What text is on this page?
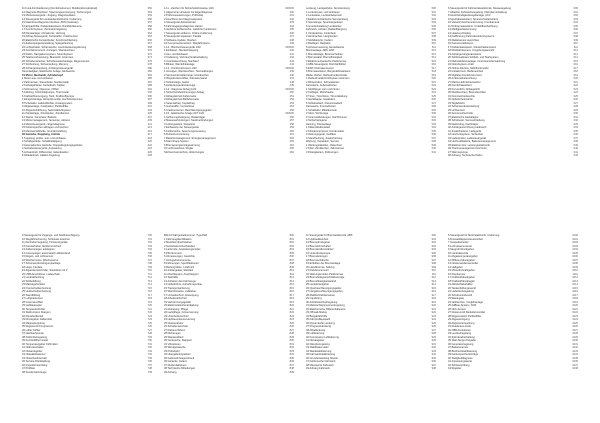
11 Funk-Fernbedienung (Kombiinstrument, Multifunktionslenkrad)	352
12 Diagnose Bordnetz, Spannungsversorgung, Sicherungen	353
13 Motorsteuergerät - Zugang, Diagnosedaten	354
14 Steuergerät für Lenksäulenelektronik, Codierung	356
15 Datenbus-Diagnose-Interface J533 (Gateway)	357
16 Einparkhilfe, Parklenkassistent, Rückfahrkamera	358
17 Komfortsystem, Zentralverriegelung	360
18 Klimaanlage, Climatronic, Heizung	362
19 Airbag-Steuergerät, Gurtstraffer, Crashsensor	364
20 Elektrische Fensterheber, Komfortschließung	366
21 Außenspiegelverstellung, Spiegelheizung	367
22 Lichtschalter, Scheinwerfer, Leuchtweitenregulierung	368
23 Kombiinstrument, Anzeigen, Warnleuchten	370
24 Radio, Navigationssystem, Soundsystem	372
25 Telefonvorbereitung, Bluetooth, Antennen	374
26 Scheibenwischer, Scheibenwaschanlage, Regensensor	376
27 Sitzheizung, Sitzverstellung, Memory	378
28 Anhängerkupplung, Anhängersteuergerät	380
Stromlaufplan, Elektrische Anlage, Einbauorte	382
01 Motor, Mechanik, Zylinderkopf	384
1 Motor aus- und einbauen	385
2 Zahnriemen, Steuerkette, Nockenwelle	387
3 Kurbelgehäuse, Kurbeltrieb, Kolben	389
4 Schmierung, Ölpumpe, Ölfilter	391
5 Kühlung, Kühlmittelpumpe, Thermostat	393
6 Kraftstoffversorgung, Tank, Kraftstoffpumpe	395
7 Einspritzanlage, Einspritzventile, Hochdruckpumpe	397
8 Turbolader, Ladeluftkühler, Ansaugsystem	399
9 Abgasanlage, Katalysator, Partikelfilter	401
10 Abgasrückführung, Sekundärluftsystem	403
11 Zündanlage, Zündspulen, Zündkerzen	405
12 Starter, Generator, Batterie	407
13 Motormanagement, Sensoren, Aktoren	409
14 Motorsteuergerät - Eigendiagnose	411
15 Fehlerspeicher abfragen und löschen	413
16 Messwerteblöcke, Grundeinstellung	415
02 Getriebe, Kupplung, Antrieb	417
1 Kupplung prüfen, aus- und einbauen	418
2 Schaltgetriebe, Schaltbetätigung	420
3 Automatisches Getriebe, Doppelkupplungsgetriebe	422
4 Getriebesteuergerät, Anpassung	424
5 Achsantrieb, Differential, Gelenkwellen	426
6 Allradantrieb, Haldex-Kupplung	428
1.11 - Zeichen für Sicherheitshinweise 1/20	000000
1 Allgemeine Hinweise zur Eigendiagnose	430
2 Prüfvoraussetzungen, Prüfmittel	431
3 Anschluss des Diagnosetesters	432
4 Steuergerät-Adresswörter	433
5 Fahrzeugeigendiagnose starten	434
6 Geführte Fehlersuche, Geführte Funktionen	435
7 Steuergerät codieren, Online-Codierung	436
8 Steuergerät anpassen, Kanäle	437
9 Software-Update, Flashen	438
10 Komponentenschutz, Wegfahrsperre	439
1.12 - Bordnetzsteuergerät 1/20	000000
1 Einbauort, Steckerbelegung	440
2 Aus- und Einbauen	441
3 Codierung, Verbraucherabschaltung	442
4 Innenbeleuchtung, Nachlauf	443
5 Blinker, Warnblinkanlage	444
1.13 - Kombiinstrument 1/20	000000
1 Anzeigen, Warnleuchten, Textmeldungen	445
2 Serviceintervallanzeige zurücksetzen	446
3 Wegstreckenzähler, Kilometerstand	447
4 Tankanzeige, Geber	448
5 Außentemperaturanzeige	449
1.14 - Diagnose Airbag 1/20	000000
1 Sicherheitsbestimmungen Airbag	450
2 Airbag-Einheit Fahrerseite	451
3 Airbag-Einheit Beifahrerseite	452
4 Seitenairbag, Kopfairbag	453
5 Gurtstraffer, Gurtschloss	454
6 Crashsensoren, Beschleunigungsgeber	455
1.15 - Elektrische Anlage AKT 1/20	000000
1 Sicherungsbelegung, Relaisträger	456
2 Masseverbindungen, Steckverbindungen	457
3 Leitungssätze, Reparatur	458
4 Einbauorte der Steuergeräte	459
5 Fehlersuche, Spannungsmessung	460
6 Ruhestrommessung	461
7 Batteriemanagement, Energiemanagement	462
8 Start-Stopp-System	463
9 Bremsenergierückgewinnung	464
10 Lichtmaschine, Regler	465
Stichwortverzeichnis, Abkürzungen	466
Lenkung, Lenkgetriebe, Servolenkung	500
1 Lenkrad aus- und einbauen	501
2 Lenksäule, Lenkwinkelsensor	502
3 Elektromechanische Servolenkung	503
4 Spurstange, Spurstangenkopf	504
5 Grundeinstellung Lenkwinkel	505
Fahrwerk, Achsen, Radaufhängung	506
1 Vorderachse, Federbein	507
2 Hinterachse, Längslenker	508
3 Stoßdämpfer, Federn	509
4 Radlager, Radnabe	510
5 Achsvermessung, Einstellwerte	511
Bremsanlage, ABS, ESP	512
1 Bremsbeläge, Bremsscheiben	513
2 Bremssattel, Bremsflüssigkeit	514
3 Elektromechanische Parkbremse	515
4 ABS-Steuergerät, Drehzahlfühler	516
5 ESP, Drehratensensor	517
6 Bremsassistent, Berganfahrassistent	518
Räder, Reifen, Reifendruckkontrolle	519
1 Reifendruckkontrollsystem anlernen	520
2 Winterreifen, Schneeketten	521
Karosserie, Außenarbeiten	522
1 Stoßfänger vorn und hinten	523
2 Kotflügel, Motorhaube	524
3 Türen, Türschloss, Türverkleidung	525
4 Heckklappe, Gasfedern	526
5 Schiebedach, Panoramadach	527
Karosserie, Innenarbeiten	528
1 Schalttafel, Mittelkonsole	529
2 Sitze, Sitzbezüge	530
3 Innenverkleidungen, Dachhimmel	531
4 Sicherheitsgurte	532
Heizung, Klimaanlage	533
1 Kältemittelkreislauf	534
2 Klimakompressor, Kondensator	535
3 Heizungsgerät, Gebläse	536
4 Standheizung, Zusatzheizung	537
Wartung, Inspektion, Service	538
1 Wartungstabellen, Ölwechsel	539
2 Filter, Zündkerzen, Zahnriemen	540
3 Flüssigkeiten, Füllmengen	541
6 Steuergerät für Fahrwerkselektronik, Niveauregelung	600
7 Adaptive Fahrwerksregelung, Dämpferverstellung	601
8 Geschwindigkeitsregelanlage, ACC	602
9 Spurhalteassistent, Spurwechselassistent	603
10 Verkehrszeichenerkennung, Frontkamera	604
11 Notbremsassistent, Umfeldbeobachtung	605
12 Müdigkeitserkennung	606
13 Head-up-Display	607
14 Kalibrierung Fahrerassistenzsysteme	608
15 Radarsensor ausrichten	609
16 Kamera kalibrieren	610
17 Parklenkassistent, Ultraschallsensoren	611
18 Rückfahrkamera, Umgebungsansicht	612
19 Anhängerrangierassistent	613
20 Schlüsselloses Schließ- und Startsystem	614
21 Diebstahlwarnanlage, Innenraumüberwachung	615
22 Notrufsystem eCall	616
23 Online-Dienste, Mobilfunkmodul	617
24 Infotainment, Bedieneinheit	618
25 Digitales Kombiinstrument	619
26 Ambientebeleuchtung	620
27 Matrix-LED-Scheinwerfer	621
28 Fernlichtassistent	622
29 Kurvenlicht, Abbiegelicht	623
30 Rückleuchten, Bremsleuchten	624
31 Kennzeichenleuchte	625
32 Nebelscheinwerfer	626
33 Tagfahrlicht	627
34 Scheinwerfereinstellung	628
35 Lichtsensor	629
36 Sonnenschutzrollo	630
37 Elektrische Heckklappe	631
38 Schiebetür, Servoschließung	632
39 Dachreling, Dachträger	633
40 Anhängevorrichtung elektrisch	634
41 Zusatzbatterie, Ladegerät	635
42 Hochvoltsystem, Sicherheit	636
43 Ladestecker, Ladesteuergerät	637
44 Hochvoltbatterie, Batteriemanagement	638
45 Elektromotor, Leistungselektronik	639
46 Thermomanagement Hochvolt	640
47 Wärmepumpe	641
48 Anhang, Technische Daten	642
9 Steuergerät für Zugangs- und Startberechtigung	700
10 Wegfahrsicherung, Schlüssel anlernen	701
11 Zentralverriegelung, Türsteuergeräte	702
12 Fensterheber, Einklemmschutz	703
13 Außenspiegel, anklappen	704
14 Innenspiegel, automatisch abblendend	705
15 Regen- und Lichtsensor	706
16 Wischermotor, Wischerarme	707
17 Scheinwerferreinigungsanlage	708
18 Hupe, Fanfare	709
19 Zigarettenanzünder, Steckdose 12 V	710
20 USB-Anschlüsse, Ladeschale	711
21 Lenkradheizung	712
22 Sitzbelüftung	713
23 Massagefunktion	714
24 Frontscheibenheizung	715
25 Heckscheibenheizung	716
26 Standlüftung	717
27 Luftgütesensor	718
28 Innenraumfilter	719
29 Gebläseregler	720
30 Temperaturfühler	721
31 Stellmotoren Klappen	722
32 Klimabedienteil	723
33 Druckgeber Kältemittel	724
34 Magnetkupplung	725
35 Regelventil Kompressor	726
36 Lüfter Kühler	727
37 Nachlaufpumpe	728
38 Kühlmittelregelung	729
39 Kennfeldthermostat	730
40 Temperaturgeber Kühlmittel	731
41 Öldruckschalter	732
42 Ölstandsgeber	733
43 Ölqualitätssensor	734
44 Ölwechselintervall	735
45 Service-Rückstellung	736
46 Inspektionsumfang	737
47 Prüfliste	738
48 Sonderwerkzeuge	739
Bild 12 Fahrgestellnummer, Typschild	800
1 Fahrzeugidentifikation	801
2 Motorkennbuchstaben	802
3 Getriebekennbuchstaben	803
4 Lackcode, Ausstattungscodes	804
5 PR-Nummern	805
6 Abmessungen, Gewichte	806
7 Anzugsdrehmomente	807
8 Füllmengen, Spezifikationen	808
9 Reifengrößen, Luftdruck	809
10 Anhängelast, Stützlast	810
11 Abschleppen, Anschleppen	811
12 Starthilfe	812
13 Anheben des Fahrzeugs	813
14 Hebebühne, Aufnahmepunkte	814
15 Transportsicherung	815
16 Warnhinweise, Aufkleber	816
17 Umweltschutz, Entsorgung	817
18 Arbeitssicherheit	818
19 Verbrennungsgefahr	819
20 Elektrostatische Entladung	820
21 Reinigung, Pflege	821
22 Lackpflege, Konservierung	822
23 Unterbodenschutz	823
24 Hohlraumkonservierung	824
25 Glasreparatur	825
26 Scheibenwechsel	826
27 Klebeverfahren	827
28 Dichtungen	828
29 Wasserablauf	829
30 Geräusche, Klappern	830
31 Vibrationen	831
32 Windgeräusche	832
33 Probefahrt	833
34 Übergabeinspektion	834
35 Gebrauchtwagencheck	835
36 Garantie, Kulanz	836
37 Rückrufaktionen	837
38 Technische Mitteilungen	838
39 Anhang	839
11 Steuergerät für Bremselektronik, ABS	900
12 Hydraulikeinheit	901
13 Bremsdruckgeber	902
14 Bremslichtschalter	903
15 Bremskraftverstärker	904
16 Unterdruckpumpe	905
17 Bremsleitungen	906
18 Bremsschläuche	907
19 Entlüften der Bremsanlage	908
20 Handbremse, Seilzug	909
21 Parkbremsmotor	910
22 Wartungsmodus Parkbremse	911
23 Bremsbelagverschleißanzeige	912
24 Bremsflüssigkeitsstand	913
25 Lenkwinkelgeber	914
26 Querbeschleunigungsgeber	915
27 Längsbeschleunigungsgeber	916
28 Raddrehzahlsensoren	917
29 Impulsring	918
30 Antriebsschlupfregelung	919
31 Motorschleppmomentregelung	920
32 Elektronische Differentialsperre	921
33 Offroad-Modus	922
34 Bergabfahrhilfe	923
35 Fahrprofilauswahl	924
36 Dynamische Lenkung	925
37 Progressivlenkung	926
38 Allradlenkung	927
39 Luftfederung	928
40 Kompressor Luftfederung	929
41 Niveaugeber	930
42 Dämpferregelung	931
43 Stabilisator aktiv	932
44 Wankstabilisierung	933
45 Fahrwerkskalibrierung	934
46 Grundeinstellung Niveau	935
47 Fehlersuche Fahrwerk	936
48 Messwerte Fahrwerk	937
49 Anhang Fahrwerk	938
5 Steuergerät für Motorelektronik, Codierung	1000
6 Drosselklappensteuereinheit	1001
7 Gaspedalmodul	1002
8 Luftmassenmesser	1003
9 Saugrohrdruckgeber	1004
10 Lambdasonde	1005
11 Abgastemperaturgeber	1006
12 Differenzdruckgeber	1007
13 Nockenwellenversteller	1008
14 Hallgeber	1009
15 Motordrehzahlgeber	1010
16 Klopfsensor	1011
17 Kraftstoffdruckgeber	1012
18 Kraftstoffdruckregler	1013
19 Aktivkohlebehälter	1014
20 Tankentlüftungsventil	1015
21 Ladedruckregelung	1016
22 Schubumluftventil	1017
23 Wastegate	1018
24 Glühkerzen, Vorglühanlage	1019
25 AdBlue-System, SCR	1020
26 NOx-Sensor	1021
27 Dosierventil Reduktionsmittel	1022
28 Regeneration Partikelfilter	1023
29 Abgasreinigung	1024
30 Abgasuntersuchung	1025
31 Readiness-Code	1026
32 OBD-Funktionen	1027
33 Leerlaufregelung	1028
34 Zylinderabschaltung	1029
35 Start-Stopp-Freigabe	1030
36 Generatorregelung	1031
37 Batteriesensor	1032
38 Bordnetzstabilisierung	1033
39 Fehlerspeichereinträge	1034
40 Stellglieddiagnose	1035
41 Anpassungswerte	1036
42 Schlussprüfung	1037
43 Register	1038
